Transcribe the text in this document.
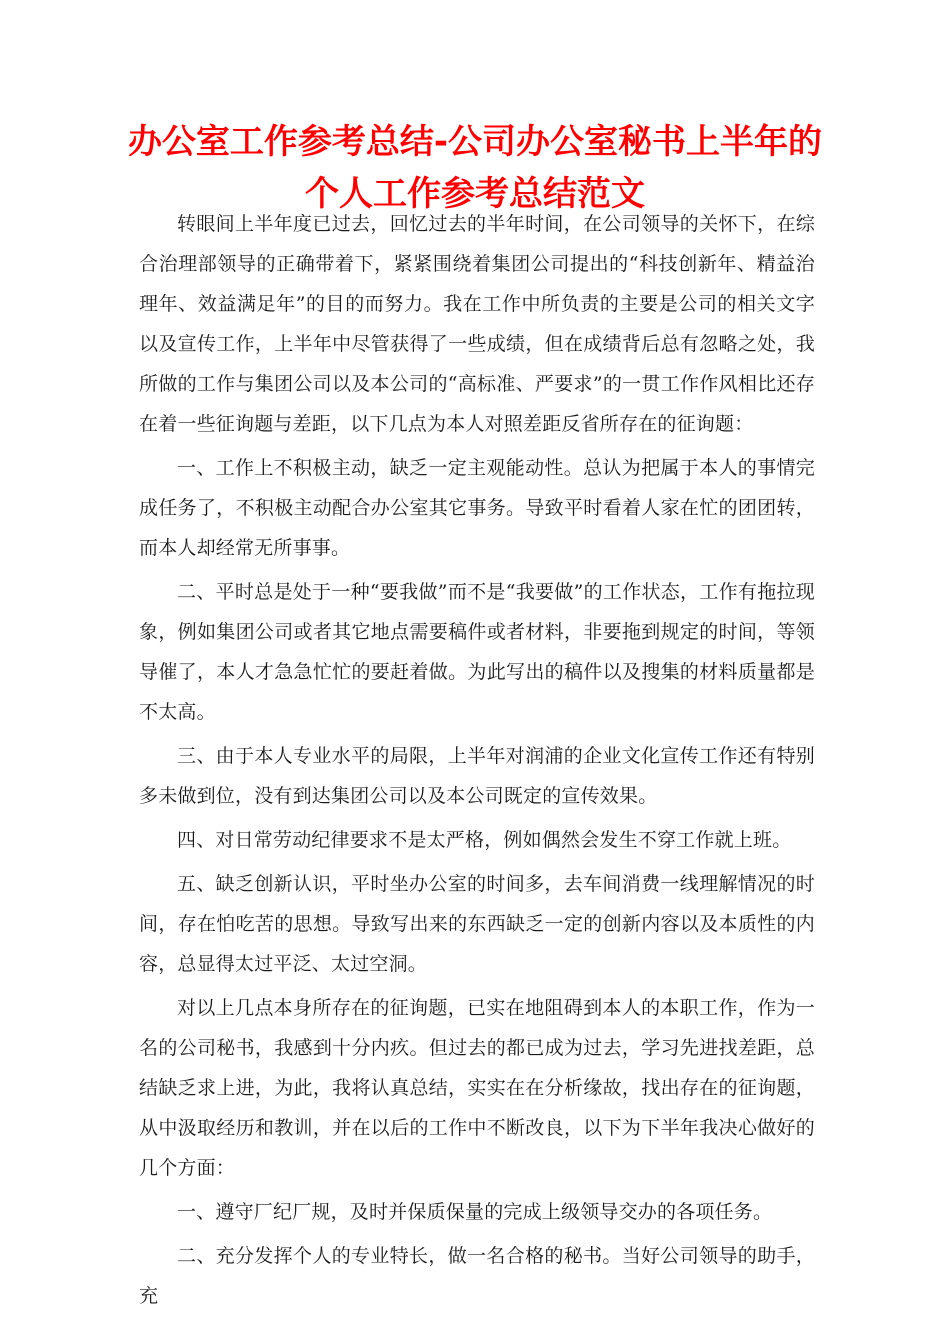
办公室工作参考总结-公司办公室秘书上半年的个人工作参考总结范文

转眼间上半年度已过去，回忆过去的半年时间，在公司领导的关怀下，在综合治理部领导的正确带着下，紧紧围绕着集团公司提出的“科技创新年、精益治理年、效益满足年”的目的而努力。我在工作中所负责的主要是公司的相关文字以及宣传工作，上半年中尽管获得了一些成绩，但在成绩背后总有忽略之处，我所做的工作与集团公司以及本公司的“高标准、严要求”的一贯工作作风相比还存在着一些征询题与差距，以下几点为本人对照差距反省所存在的征询题：

一、工作上不积极主动，缺乏一定主观能动性。总认为把属于本人的事情完成任务了，不积极主动配合办公室其它事务。导致平时看着人家在忙的团团转，而本人却经常无所事事。

二、平时总是处于一种“要我做”而不是“我要做”的工作状态，工作有拖拉现象，例如集团公司或者其它地点需要稿件或者材料，非要拖到规定的时间，等领导催了，本人才急急忙忙的要赶着做。为此写出的稿件以及搜集的材料质量都是不太高。

三、由于本人专业水平的局限，上半年对润浦的企业文化宣传工作还有特别多未做到位，没有到达集团公司以及本公司既定的宣传效果。

四、对日常劳动纪律要求不是太严格，例如偶然会发生不穿工作就上班。

五、缺乏创新认识，平时坐办公室的时间多，去车间消费一线理解情况的时间，存在怕吃苦的思想。导致写出来的东西缺乏一定的创新内容以及本质性的内容，总显得太过平泛、太过空洞。

对以上几点本身所存在的征询题，已实在地阻碍到本人的本职工作，作为一名的公司秘书，我感到十分内疚。但过去的都已成为过去，学习先进找差距，总结缺乏求上进，为此，我将认真总结，实实在在分析缘故，找出存在的征询题，从中汲取经历和教训，并在以后的工作中不断改良，以下为下半年我决心做好的几个方面：

一、遵守厂纪厂规，及时并保质保量的完成上级领导交办的各项任务。

二、充分发挥个人的专业特长，做一名合格的秘书。当好公司领导的助手，充
